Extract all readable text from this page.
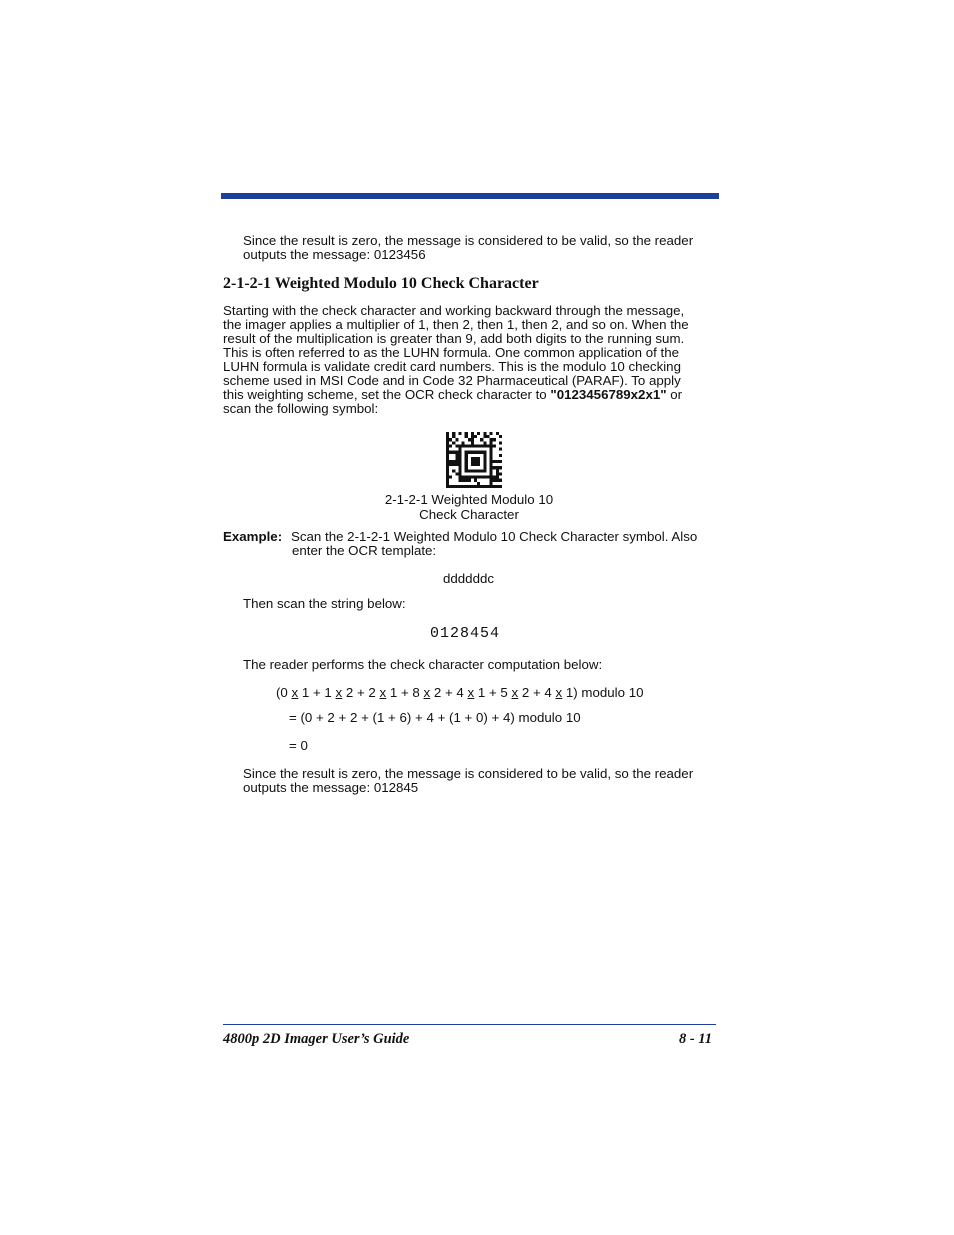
Since the result is zero, the message is considered to be valid, so the reader
outputs the message: 0123456

2-1-2-1 Weighted Modulo 10 Check Character

Starting with the check character and working backward through the message,
the imager applies a multiplier of 1, then 2, then 1, then 2, and so on. When the
result of the multiplication is greater than 9, add both digits to the running sum.
This is often referred to as the LUHN formula. One common application of the
LUHN formula is validate credit card numbers. This is the modulo 10 checking
scheme used in MSI Code and in Code 32 Pharmaceutical (PARAF). To apply
this weighting scheme, set the OCR check character to "0123456789x2x1" or
scan the following symbol:

2-1-2-1 Weighted Modulo 10
Check Character
Example: Scan the 2-1-2-1 Weighted Modulo 10 Check Character symbol. Also
enter the OCR template:

ddddddc
Then scan the string below:
0128454
The reader performs the check character computation below:

(0 x 1 + 1 x 2 + 2 x 1 + 8 x 2 + 4 x 1 + 5 x 2 + 4 x 1) modulo 10

= (0 + 2 + 2 + (1 + 6) + 4 + (1 + 0) + 4) modulo 10
= 0

Since the result is zero, the message is considered to be valid, so the reader
outputs the message: 012845

4800p 2D Imager User’s Guide	8 - 11
